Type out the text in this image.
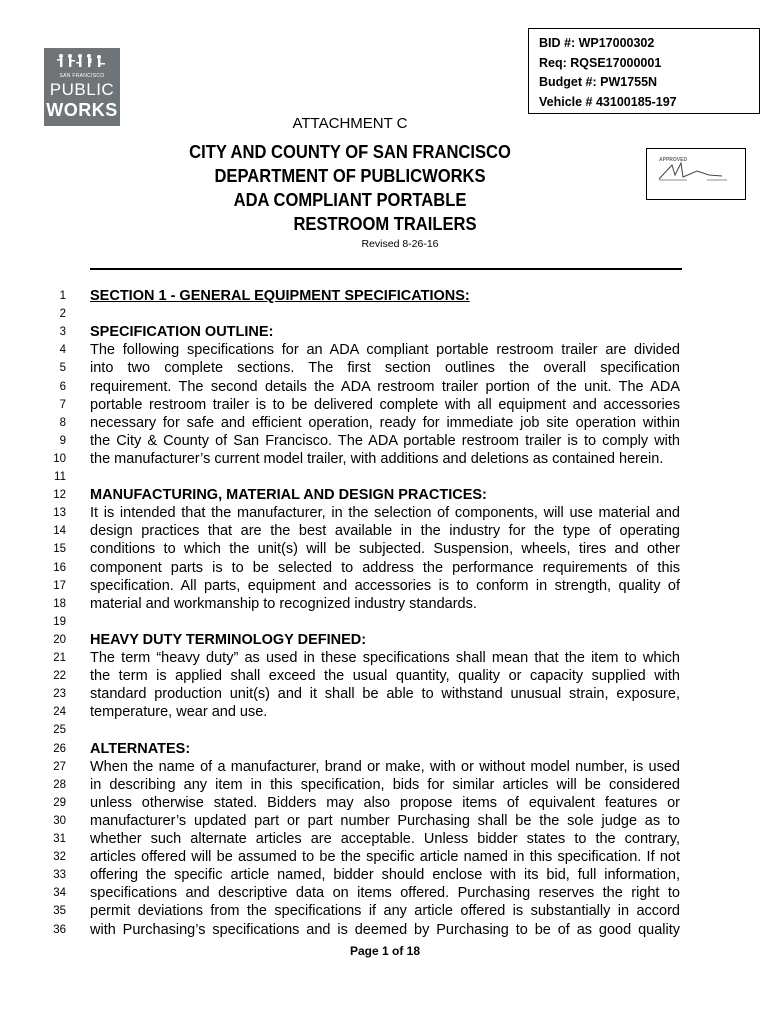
SAN FRANCISCO
PUBLIC
WORKS
BID #: WP17000302
Req: RQSE17000001
Budget #: PW1755N
Vehicle # 43100185-197
ATTACHMENT C
CITY AND COUNTY OF SAN FRANCISCO
DEPARTMENT OF PUBLICWORKS
ADA COMPLIANT PORTABLE
RESTROOM TRAILERS
Revised 8-26-16
APPROVED
1 SECTION 1 - GENERAL EQUIPMENT SPECIFICATIONS:
2
3 SPECIFICATION OUTLINE:
4 The following specifications for an ADA compliant portable restroom trailer are divided
5 into two complete sections. The first section outlines the overall specification
6 requirement. The second details the ADA restroom trailer portion of the unit. The ADA
7 portable restroom trailer is to be delivered complete with all equipment and accessories
8 necessary for safe and efficient operation, ready for immediate job site operation within
9 the City & County of San Francisco. The ADA portable restroom trailer is to comply with
10 the manufacturer’s current model trailer, with additions and deletions as contained herein.
11
12 MANUFACTURING, MATERIAL AND DESIGN PRACTICES:
13 It is intended that the manufacturer, in the selection of components, will use material and
14 design practices that are the best available in the industry for the type of operating
15 conditions to which the unit(s) will be subjected. Suspension, wheels, tires and other
16 component parts is to be selected to address the performance requirements of this
17 specification. All parts, equipment and accessories is to conform in strength, quality of
18 material and workmanship to recognized industry standards.
19
20 HEAVY DUTY TERMINOLOGY DEFINED:
21 The term “heavy duty” as used in these specifications shall mean that the item to which
22 the term is applied shall exceed the usual quantity, quality or capacity supplied with
23 standard production unit(s) and it shall be able to withstand unusual strain, exposure,
24 temperature, wear and use.
25
26 ALTERNATES:
27 When the name of a manufacturer, brand or make, with or without model number, is used
28 in describing any item in this specification, bids for similar articles will be considered
29 unless otherwise stated. Bidders may also propose items of equivalent features or
30 manufacturer’s updated part or part number Purchasing shall be the sole judge as to
31 whether such alternate articles are acceptable. Unless bidder states to the contrary,
32 articles offered will be assumed to be the specific article named in this specification. If not
33 offering the specific article named, bidder should enclose with its bid, full information,
34 specifications and descriptive data on items offered. Purchasing reserves the right to
35 permit deviations from the specifications if any article offered is substantially in accord
36 with Purchasing’s specifications and is deemed by Purchasing to be of as good quality
Page 1 of 18
